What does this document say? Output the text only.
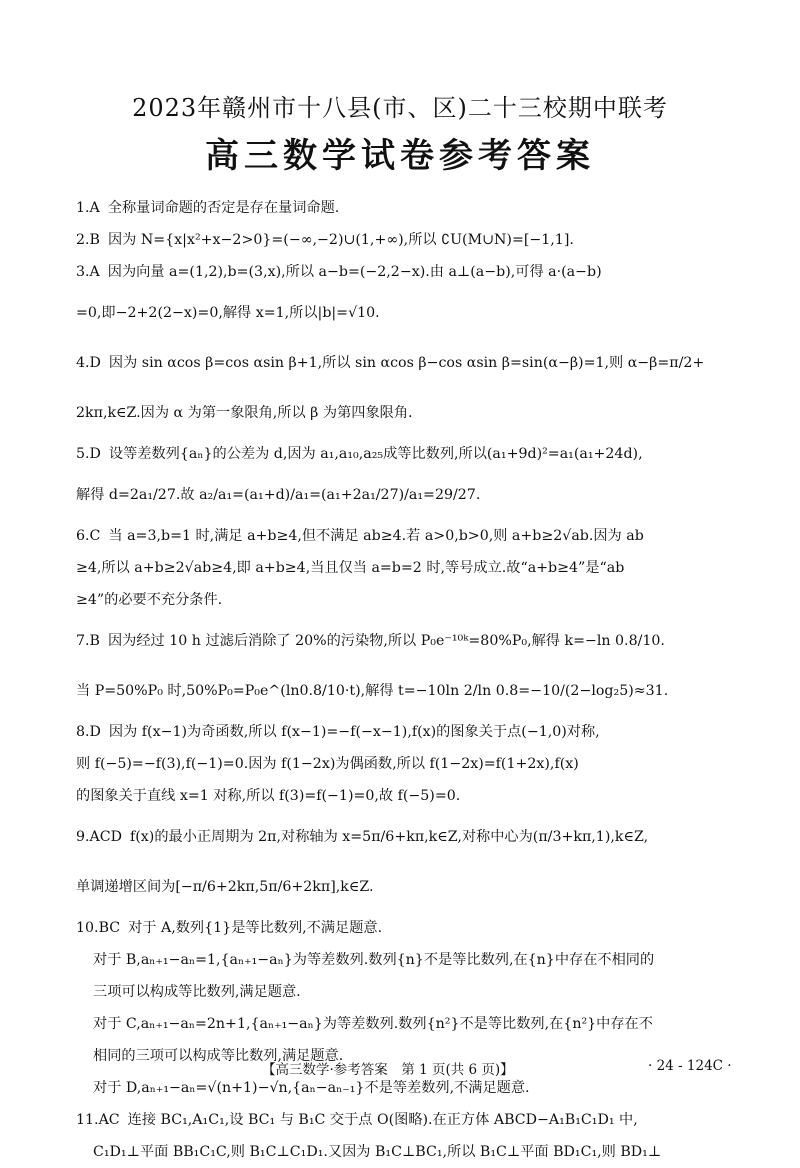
2023年赣州市十八县(市、区)二十三校期中联考
高三数学试卷参考答案

1.A 全称量词命题的否定是存在量词命题.

2.B 因为 N={x|x²+x−2>0}=(−∞,−2)∪(1,+∞),所以 ∁U(M∪N)=[−1,1].

3.A 因为向量 a=(1,2),b=(3,x),所以 a−b=(−2,2−x).由 a⊥(a−b),可得 a·(a−b)

=0,即−2+2(2−x)=0,解得 x=1,所以|b|=√10.

4.D 因为 sin αcos β=cos αsin β+1,所以 sin αcos β−cos αsin β=sin(α−β)=1,则 α−β=π/2+

2kπ,k∈Z.因为 α 为第一象限角,所以 β 为第四象限角.

5.D 设等差数列{aₙ}的公差为 d,因为 a₁,a₁₀,a₂₅成等比数列,所以(a₁+9d)²=a₁(a₁+24d),

解得 d=2a₁/27.故 a₂/a₁=(a₁+d)/a₁=(a₁+2a₁/27)/a₁=29/27.

6.C 当 a=3,b=1 时,满足 a+b≥4,但不满足 ab≥4.若 a>0,b>0,则 a+b≥2√ab.因为 ab

≥4,所以 a+b≥2√ab≥4,即 a+b≥4,当且仅当 a=b=2 时,等号成立.故“a+b≥4”是“ab

≥4”的必要不充分条件.

7.B 因为经过 10 h 过滤后消除了 20%的污染物,所以 P₀e⁻¹⁰ᵏ=80%P₀,解得 k=−ln 0.8/10.

当 P=50%P₀ 时,50%P₀=P₀e^(ln0.8/10·t),解得 t=−10ln 2/ln 0.8=−10/(2−log₂5)≈31.

8.D 因为 f(x−1)为奇函数,所以 f(x−1)=−f(−x−1),f(x)的图象关于点(−1,0)对称,

则 f(−5)=−f(3),f(−1)=0.因为 f(1−2x)为偶函数,所以 f(1−2x)=f(1+2x),f(x)

的图象关于直线 x=1 对称,所以 f(3)=f(−1)=0,故 f(−5)=0.

9.ACD f(x)的最小正周期为 2π,对称轴为 x=5π/6+kπ,k∈Z,对称中心为(π/3+kπ,1),k∈Z,

单调递增区间为[−π/6+2kπ,5π/6+2kπ],k∈Z.

10.BC 对于 A,数列{1}是等比数列,不满足题意.

对于 B,aₙ₊₁−aₙ=1,{aₙ₊₁−aₙ}为等差数列.数列{n}不是等比数列,在{n}中存在不相同的

三项可以构成等比数列,满足题意.

对于 C,aₙ₊₁−aₙ=2n+1,{aₙ₊₁−aₙ}为等差数列.数列{n²}不是等比数列,在{n²}中存在不

相同的三项可以构成等比数列,满足题意.

对于 D,aₙ₊₁−aₙ=√(n+1)−√n,{aₙ−aₙ₋₁}不是等差数列,不满足题意.

11.AC 连接 BC₁,A₁C₁,设 BC₁ 与 B₁C 交于点 O(图略).在正方体 ABCD−A₁B₁C₁D₁ 中,

C₁D₁⊥平面 BB₁C₁C,则 B₁C⊥C₁D₁.又因为 B₁C⊥BC₁,所以 B₁C⊥平面 BD₁C₁,则 BD₁⊥

【高三数学·参考答案　第 1 页(共 6 页)】	· 24 - 124C ·
